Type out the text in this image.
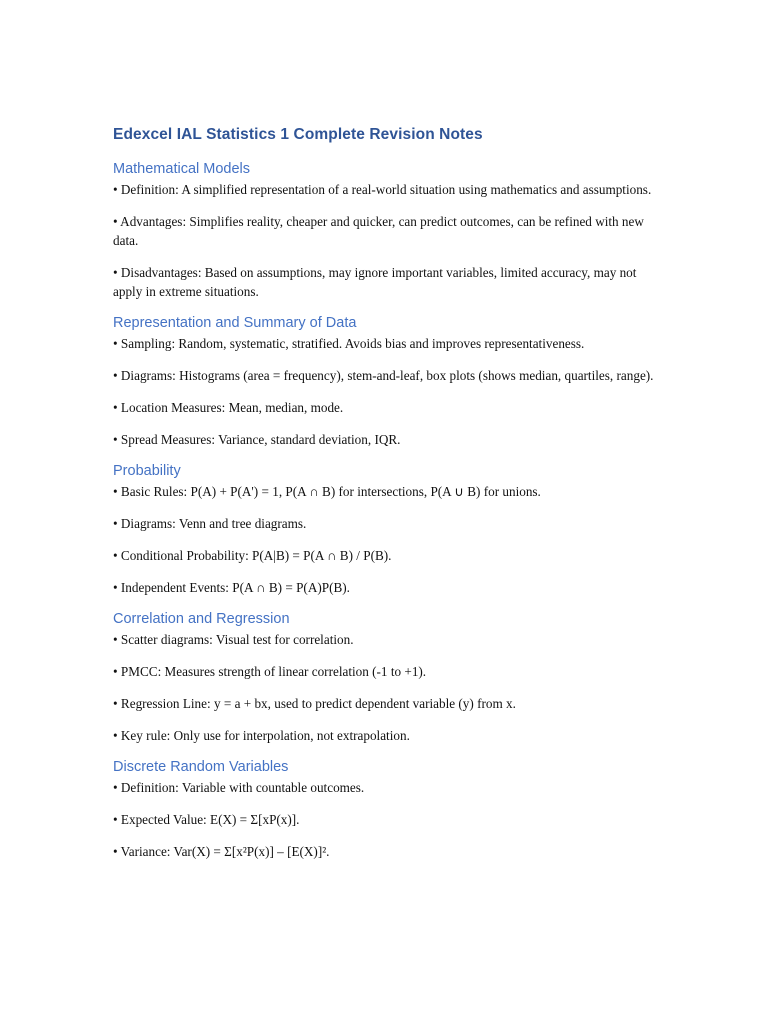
Edexcel IAL Statistics 1 Complete Revision Notes
Mathematical Models

• Definition: A simplified representation of a real-world situation using mathematics and assumptions.

• Advantages: Simplifies reality, cheaper and quicker, can predict outcomes, can be refined with new data.

• Disadvantages: Based on assumptions, may ignore important variables, limited accuracy, may not apply in extreme situations.

Representation and Summary of Data

• Sampling: Random, systematic, stratified. Avoids bias and improves representativeness.

• Diagrams: Histograms (area = frequency), stem-and-leaf, box plots (shows median, quartiles, range).

• Location Measures: Mean, median, mode.

• Spread Measures: Variance, standard deviation, IQR.

Probability

• Basic Rules: P(A) + P(A') = 1, P(A ∩ B) for intersections, P(A ∪ B) for unions.

• Diagrams: Venn and tree diagrams.

• Conditional Probability: P(A|B) = P(A ∩ B) / P(B).

• Independent Events: P(A ∩ B) = P(A)P(B).

Correlation and Regression

• Scatter diagrams: Visual test for correlation.

• PMCC: Measures strength of linear correlation (-1 to +1).

• Regression Line: y = a + bx, used to predict dependent variable (y) from x.

• Key rule: Only use for interpolation, not extrapolation.

Discrete Random Variables

• Definition: Variable with countable outcomes.

• Expected Value: E(X) = Σ[xP(x)].

• Variance: Var(X) = Σ[x²P(x)] – [E(X)]².
